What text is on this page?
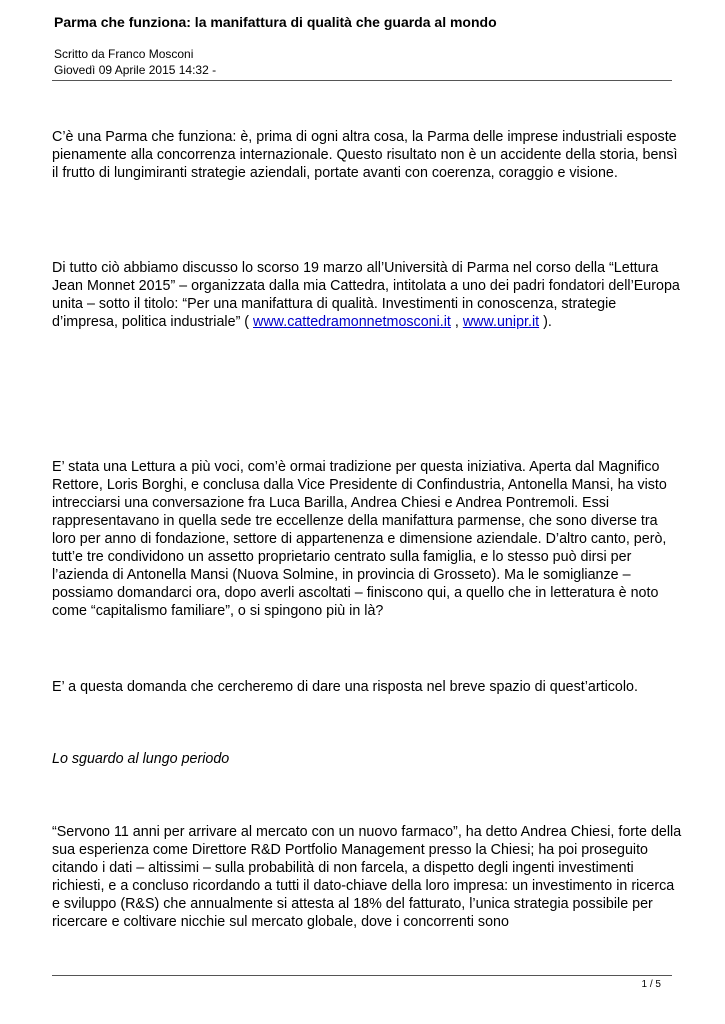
Parma che funziona: la manifattura di qualità che guarda al mondo
Scritto da Franco Mosconi
Giovedì 09 Aprile 2015 14:32 -

C’è una Parma che funziona: è, prima di ogni altra cosa, la Parma delle imprese industriali esposte pienamente alla concorrenza internazionale. Questo risultato non è un accidente della storia, bensì il frutto di lungimiranti strategie aziendali, portate avanti con coerenza, coraggio e visione.

Di tutto ciò abbiamo discusso lo scorso 19 marzo all’Università di Parma nel corso della “Lettura Jean Monnet 2015” – organizzata dalla mia Cattedra, intitolata a uno dei padri fondatori dell’Europa unita – sotto il titolo: “Per una manifattura di qualità. Investimenti in conoscenza, strategie d’impresa, politica industriale” ( www.cattedramonnetmosconi.it , www.unipr.it ).

E’ stata una Lettura a più voci, com’è ormai tradizione per questa iniziativa. Aperta dal Magnifico Rettore, Loris Borghi, e conclusa dalla Vice Presidente di Confindustria, Antonella Mansi, ha visto intrecciarsi una conversazione fra Luca Barilla, Andrea Chiesi e Andrea Pontremoli. Essi rappresentavano in quella sede tre eccellenze della manifattura parmense, che sono diverse tra loro per anno di fondazione, settore di appartenenza e dimensione aziendale. D’altro canto, però, tutt’e tre condividono un assetto proprietario centrato sulla famiglia, e lo stesso può dirsi per l’azienda di Antonella Mansi (Nuova Solmine, in provincia di Grosseto). Ma le somiglianze – possiamo domandarci ora, dopo averli ascoltati – finiscono qui, a quello che in letteratura è noto come “capitalismo familiare”, o si spingono più in là?

E’ a questa domanda che cercheremo di dare una risposta nel breve spazio di quest’articolo.

Lo sguardo al lungo periodo

“Servono 11 anni per arrivare al mercato con un nuovo farmaco”, ha detto Andrea Chiesi, forte della sua esperienza come Direttore R&D Portfolio Management presso la Chiesi; ha poi proseguito citando i dati – altissimi – sulla probabilità di non farcela, a dispetto degli ingenti investimenti richiesti, e a concluso ricordando a tutti il dato-chiave della loro impresa: un investimento in ricerca e sviluppo (R&S) che annualmente si attesta al 18% del fatturato, l’unica strategia possibile per ricercare e coltivare nicchie sul mercato globale, dove i concorrenti sono

1 / 5
